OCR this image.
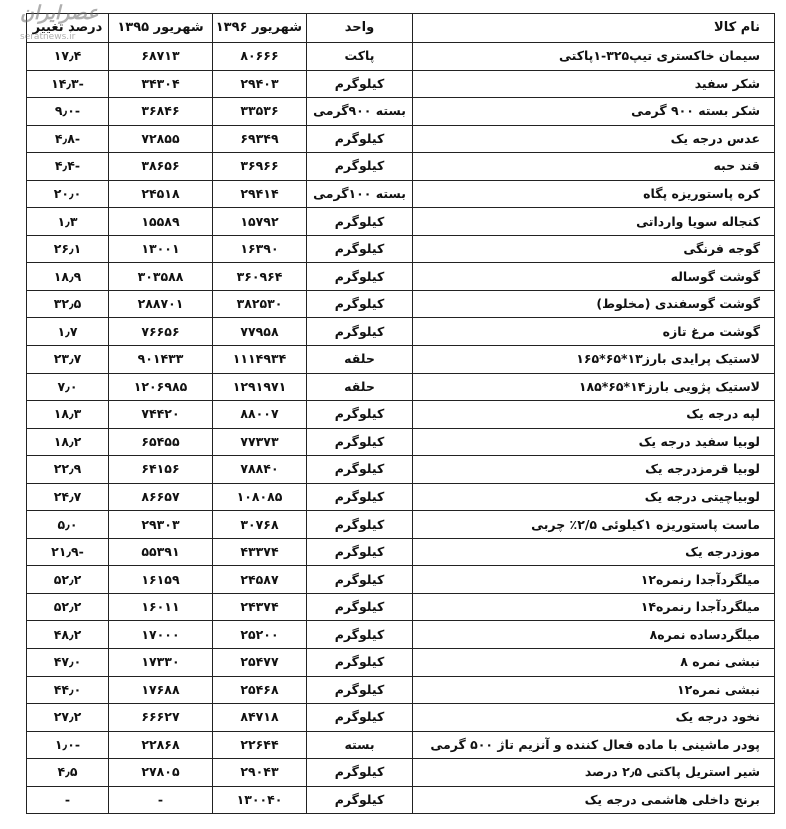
نام کالا	واحد	شهریور ۱۳۹۶	شهریور ۱۳۹۵	درصد تغییر
سیمان خاکستری تیپ۳۲۵-۱پاکتی	پاکت	۸۰۶۶۶	۶۸۷۱۳	۱۷٫۴
شکر سفید	کیلوگرم	۲۹۴۰۳	۳۴۳۰۴	-۱۴٫۳
شکر بسته ۹۰۰ گرمی	بسته ۹۰۰گرمی	۳۳۵۳۶	۳۶۸۴۶	-۹٫۰
عدس درجه یک	کیلوگرم	۶۹۳۴۹	۷۲۸۵۵	-۴٫۸
قند حبه	کیلوگرم	۳۶۹۶۶	۳۸۶۵۶	-۴٫۴
کره پاستوریزه پگاه	بسته ۱۰۰گرمی	۲۹۴۱۴	۲۴۵۱۸	۲۰٫۰
کنجاله سویا وارداتی	کیلوگرم	۱۵۷۹۲	۱۵۵۸۹	۱٫۳
گوجه فرنگی	کیلوگرم	۱۶۳۹۰	۱۳۰۰۱	۲۶٫۱
گوشت گوساله	کیلوگرم	۳۶۰۹۶۴	۳۰۳۵۸۸	۱۸٫۹
گوشت گوسفندی (مخلوط)	کیلوگرم	۳۸۲۵۳۰	۲۸۸۷۰۱	۳۲٫۵
گوشت مرغ تازه	کیلوگرم	۷۷۹۵۸	۷۶۶۵۶	۱٫۷
لاستیک پرایدی بارز۱۳*۶۵*۱۶۵	حلقه	۱۱۱۴۹۳۴	۹۰۱۴۳۳	۲۳٫۷
لاستیک پژویی بارز۱۴*۶۵*۱۸۵	حلقه	۱۲۹۱۹۷۱	۱۲۰۶۹۸۵	۷٫۰
لپه درجه یک	کیلوگرم	۸۸۰۰۷	۷۴۴۲۰	۱۸٫۳
لوبیا سفید درجه یک	کیلوگرم	۷۷۳۷۳	۶۵۴۵۵	۱۸٫۲
لوبیا قرمزدرجه یک	کیلوگرم	۷۸۸۴۰	۶۴۱۵۶	۲۲٫۹
لوبیاچیتی درجه یک	کیلوگرم	۱۰۸۰۸۵	۸۶۶۵۷	۲۴٫۷
ماست پاستوریزه ۱کیلوئی ۲/۵٪ چربی	کیلوگرم	۳۰۷۶۸	۲۹۳۰۳	۵٫۰
موزدرجه یک	کیلوگرم	۴۳۳۷۴	۵۵۳۹۱	-۲۱٫۹
میلگردآجدا رنمره۱۲	کیلوگرم	۲۴۵۸۷	۱۶۱۵۹	۵۲٫۲
میلگردآجدا رنمره۱۴	کیلوگرم	۲۴۳۷۴	۱۶۰۱۱	۵۲٫۲
میلگردساده نمره۸	کیلوگرم	۲۵۲۰۰	۱۷۰۰۰	۴۸٫۲
نبشی نمره ۸	کیلوگرم	۲۵۴۷۷	۱۷۳۳۰	۴۷٫۰
نبشی نمره۱۲	کیلوگرم	۲۵۴۶۸	۱۷۶۸۸	۴۴٫۰
نخود درجه یک	کیلوگرم	۸۴۷۱۸	۶۶۶۲۷	۲۷٫۲
پودر ماشینی با ماده فعال کننده و آنزیم تاژ ۵۰۰ گرمی	بسته	۲۲۶۴۴	۲۲۸۶۸	-۱٫۰
شیر استریل پاکتی ۲٫۵ درصد	کیلوگرم	۲۹۰۴۳	۲۷۸۰۵	۴٫۵
برنج داخلی هاشمی درجه یک	کیلوگرم	۱۳۰۰۴۰	-	-
عصرایران
seratnews.ir
